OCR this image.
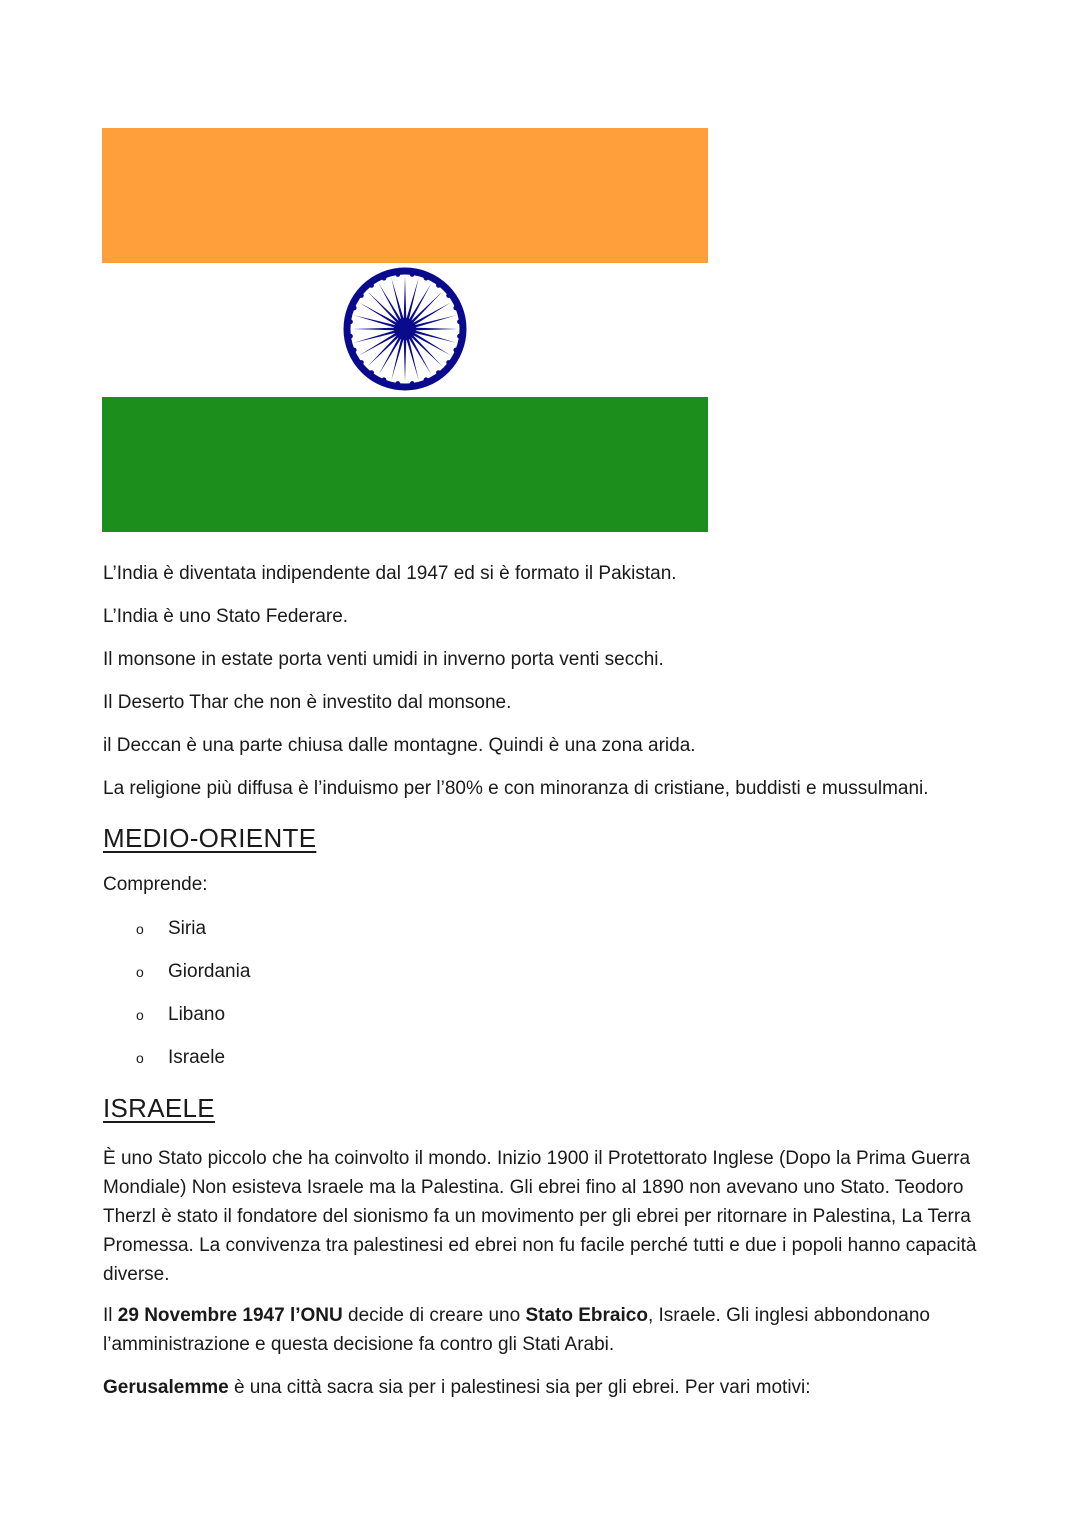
L’India è diventata indipendente dal 1947 ed si è formato il Pakistan.
L’India è uno Stato Federare.
Il monsone in estate porta venti umidi in inverno porta venti secchi.
Il Deserto Thar che non è investito dal monsone.
il Deccan è una parte chiusa dalle montagne. Quindi è una zona arida.
La religione più diffusa è l’induismo per l’80% e con minoranza di cristiane, buddisti e mussulmani.
MEDIO-ORIENTE
Comprende:
o Siria
o Giordania
o Libano
o Israele
ISRAELE
È uno Stato piccolo che ha coinvolto il mondo. Inizio 1900 il Protettorato Inglese (Dopo la Prima Guerra Mondiale) Non esisteva Israele ma la Palestina. Gli ebrei fino al 1890 non avevano uno Stato. Teodoro Therzl è stato il fondatore del sionismo fa un movimento per gli ebrei per ritornare in Palestina, La Terra Promessa. La convivenza tra palestinesi ed ebrei non fu facile perché tutti e due i popoli hanno capacità diverse.
Il 29 Novembre 1947 l’ONU decide di creare uno Stato Ebraico, Israele. Gli inglesi abbondonano l’amministrazione e questa decisione fa contro gli Stati Arabi.
Gerusalemme è una città sacra sia per i palestinesi sia per gli ebrei. Per vari motivi:
